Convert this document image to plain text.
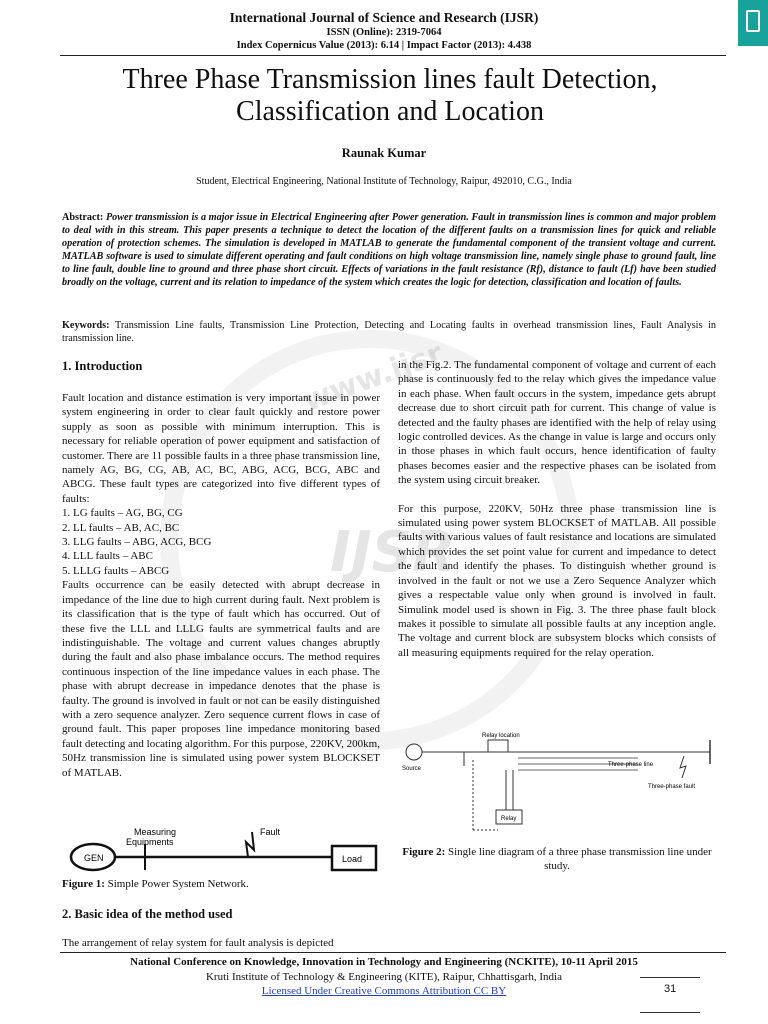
www.ijsr
IJSR
International Journal of Science and Research (IJSR)
ISSN (Online): 2319-7064
Index Copernicus Value (2013): 6.14 | Impact Factor (2013): 4.438
Three Phase Transmission lines fault Detection, Classification and Location
Raunak Kumar
Student, Electrical Engineering, National Institute of Technology, Raipur, 492010, C.G., India
Abstract: Power transmission is a major issue in Electrical Engineering after Power generation. Fault in transmission lines is common and major problem to deal with in this stream. This paper presents a technique to detect the location of the different faults on a transmission lines for quick and reliable operation of protection schemes. The simulation is developed in MATLAB to generate the fundamental component of the transient voltage and current. MATLAB software is used to simulate different operating and fault conditions on high voltage transmission line, namely single phase to ground fault, line to line fault, double line to ground and three phase short circuit. Effects of variations in the fault resistance (Rf), distance to fault (Lf) have been studied broadly on the voltage, current and its relation to impedance of the system which creates the logic for detection, classification and location of faults.
Keywords: Transmission Line faults, Transmission Line Protection, Detecting and Locating faults in overhead transmission lines, Fault Analysis in transmission line.
1. Introduction

Fault location and distance estimation is very important issue in power system engineering in order to clear fault quickly and restore power supply as soon as possible with minimum interruption. This is necessary for reliable operation of power equipment and satisfaction of customer. There are 11 possible faults in a three phase transmission line, namely AG, BG, CG, AB, AC, BC, ABG, ACG, BCG, ABC and ABCG. These fault types are categorized into five different types of faults:

1. LG faults – AG, BG, CG
2. LL faults – AB, AC, BC
3. LLG faults – ABG, ACG, BCG
4. LLL faults – ABC
5. LLLG faults – ABCG

Faults occurrence can be easily detected with abrupt decrease in impedance of the line due to high current during fault. Next problem is its classification that is the type of fault which has occurred. Out of these five the LLL and LLLG faults are symmetrical faults and are indistinguishable. The voltage and current values changes abruptly during the fault and also phase imbalance occurs. The method requires continuous inspection of the line impedance values in each phase. The phase with abrupt decrease in impedance denotes that the phase is faulty. The ground is involved in fault or not can be easily distinguished with a zero sequence analyzer. Zero sequence current flows in case of ground fault. This paper proposes line impedance monitoring based fault detecting and locating algorithm. For this purpose, 220KV, 200km, 50Hz transmission line is simulated using power system BLOCKSET of MATLAB.

GEN
Measuring
Equipments
Fault
Load
Figure 1: Simple Power System Network.
2. Basic idea of the method used
The arrangement of relay system for fault analysis is depicted

in the Fig.2. The fundamental component of voltage and current of each phase is continuously fed to the relay which gives the impedance value in each phase. When fault occurs in the system, impedance gets abrupt decrease due to short circuit path for current. This change of value is detected and the faulty phases are identified with the help of relay using logic controlled devices. As the change in value is large and occurs only in those phases in which fault occurs, hence identification of faulty phases becomes easier and the respective phases can be isolated from the system using circuit breaker.

For this purpose, 220KV, 50Hz three phase transmission line is simulated using power system BLOCKSET of MATLAB. All possible faults with various values of fault resistance and locations are simulated which provides the set point value for current and impedance to detect the fault and identify the phases. To distinguish whether ground is involved in the fault or not we use a Zero Sequence Analyzer which gives a respectable value only when ground is involved in fault. Simulink model used is shown in Fig. 3. The three phase fault block makes it possible to simulate all possible faults at any inception angle. The voltage and current block are subsystem blocks which consists of all measuring equipments required for the relay operation.

Source
Relay location
Three-phase line
Three-phase fault
Relay
Figure 2: Single line diagram of a three phase transmission line under study.
National Conference on Knowledge, Innovation in Technology and Engineering (NCKITE), 10-11 April 2015
Kruti Institute of Technology & Engineering (KITE), Raipur, Chhattisgarh, India
Licensed Under Creative Commons Attribution CC BY	31
